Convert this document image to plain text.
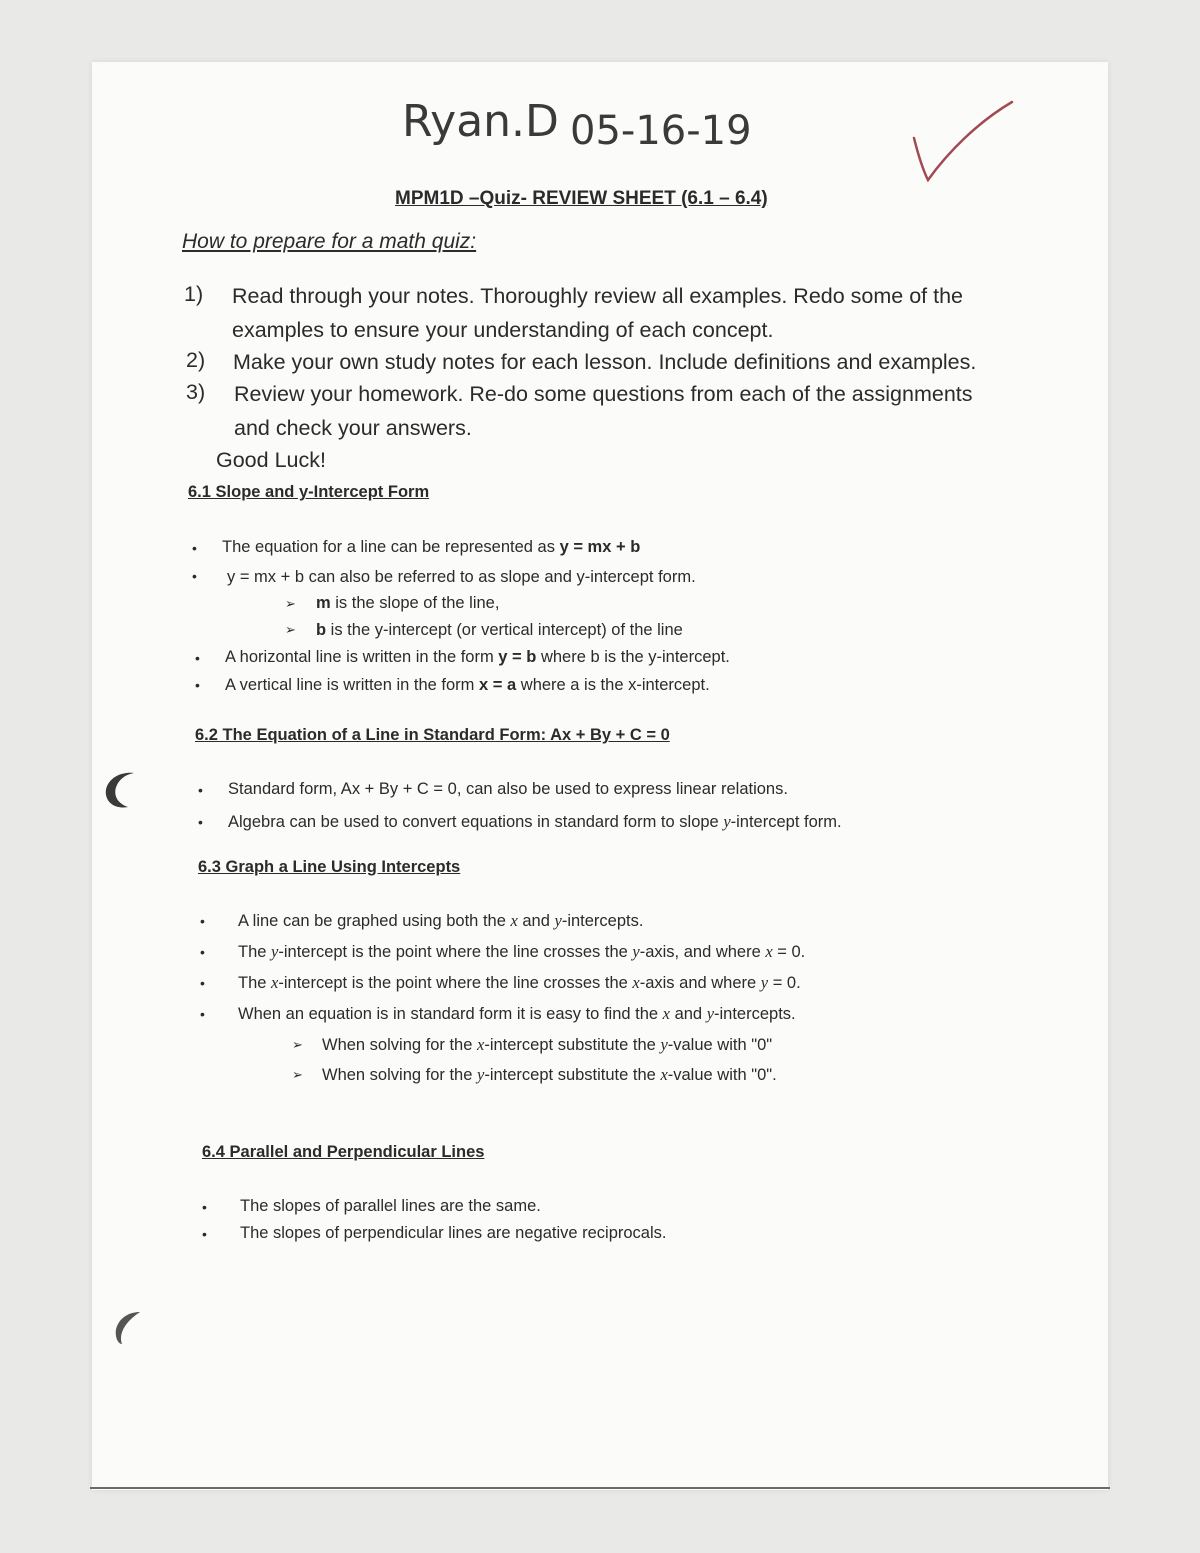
Ryan.D 05-16-19
MPM1D –Quiz- REVIEW SHEET (6.1 – 6.4)
How to prepare for a math quiz:
1) Read through your notes. Thoroughly review all examples. Redo some of the
examples to ensure your understanding of each concept.
2) Make your own study notes for each lesson. Include definitions and examples.
3) Review your homework. Re-do some questions from each of the assignments
and check your answers.
Good Luck!
6.1 Slope and y-Intercept Form
• The equation for a line can be represented as y = mx + b
• y = mx + b can also be referred to as slope and y-intercept form.
➢ m is the slope of the line,
➢ b is the y-intercept (or vertical intercept) of the line
• A horizontal line is written in the form y = b where b is the y-intercept.
• A vertical line is written in the form x = a where a is the x-intercept.
6.2 The Equation of a Line in Standard Form: Ax + By + C = 0
• Standard form, Ax + By + C = 0, can also be used to express linear relations.
• Algebra can be used to convert equations in standard form to slope y-intercept form.
6.3 Graph a Line Using Intercepts
• A line can be graphed using both the x and y-intercepts.
• The y-intercept is the point where the line crosses the y-axis, and where x = 0.
• The x-intercept is the point where the line crosses the x-axis and where y = 0.
• When an equation is in standard form it is easy to find the x and y-intercepts.
➢ When solving for the x-intercept substitute the y-value with "0"
➢ When solving for the y-intercept substitute the x-value with "0".
6.4 Parallel and Perpendicular Lines
• The slopes of parallel lines are the same.
• The slopes of perpendicular lines are negative reciprocals.
